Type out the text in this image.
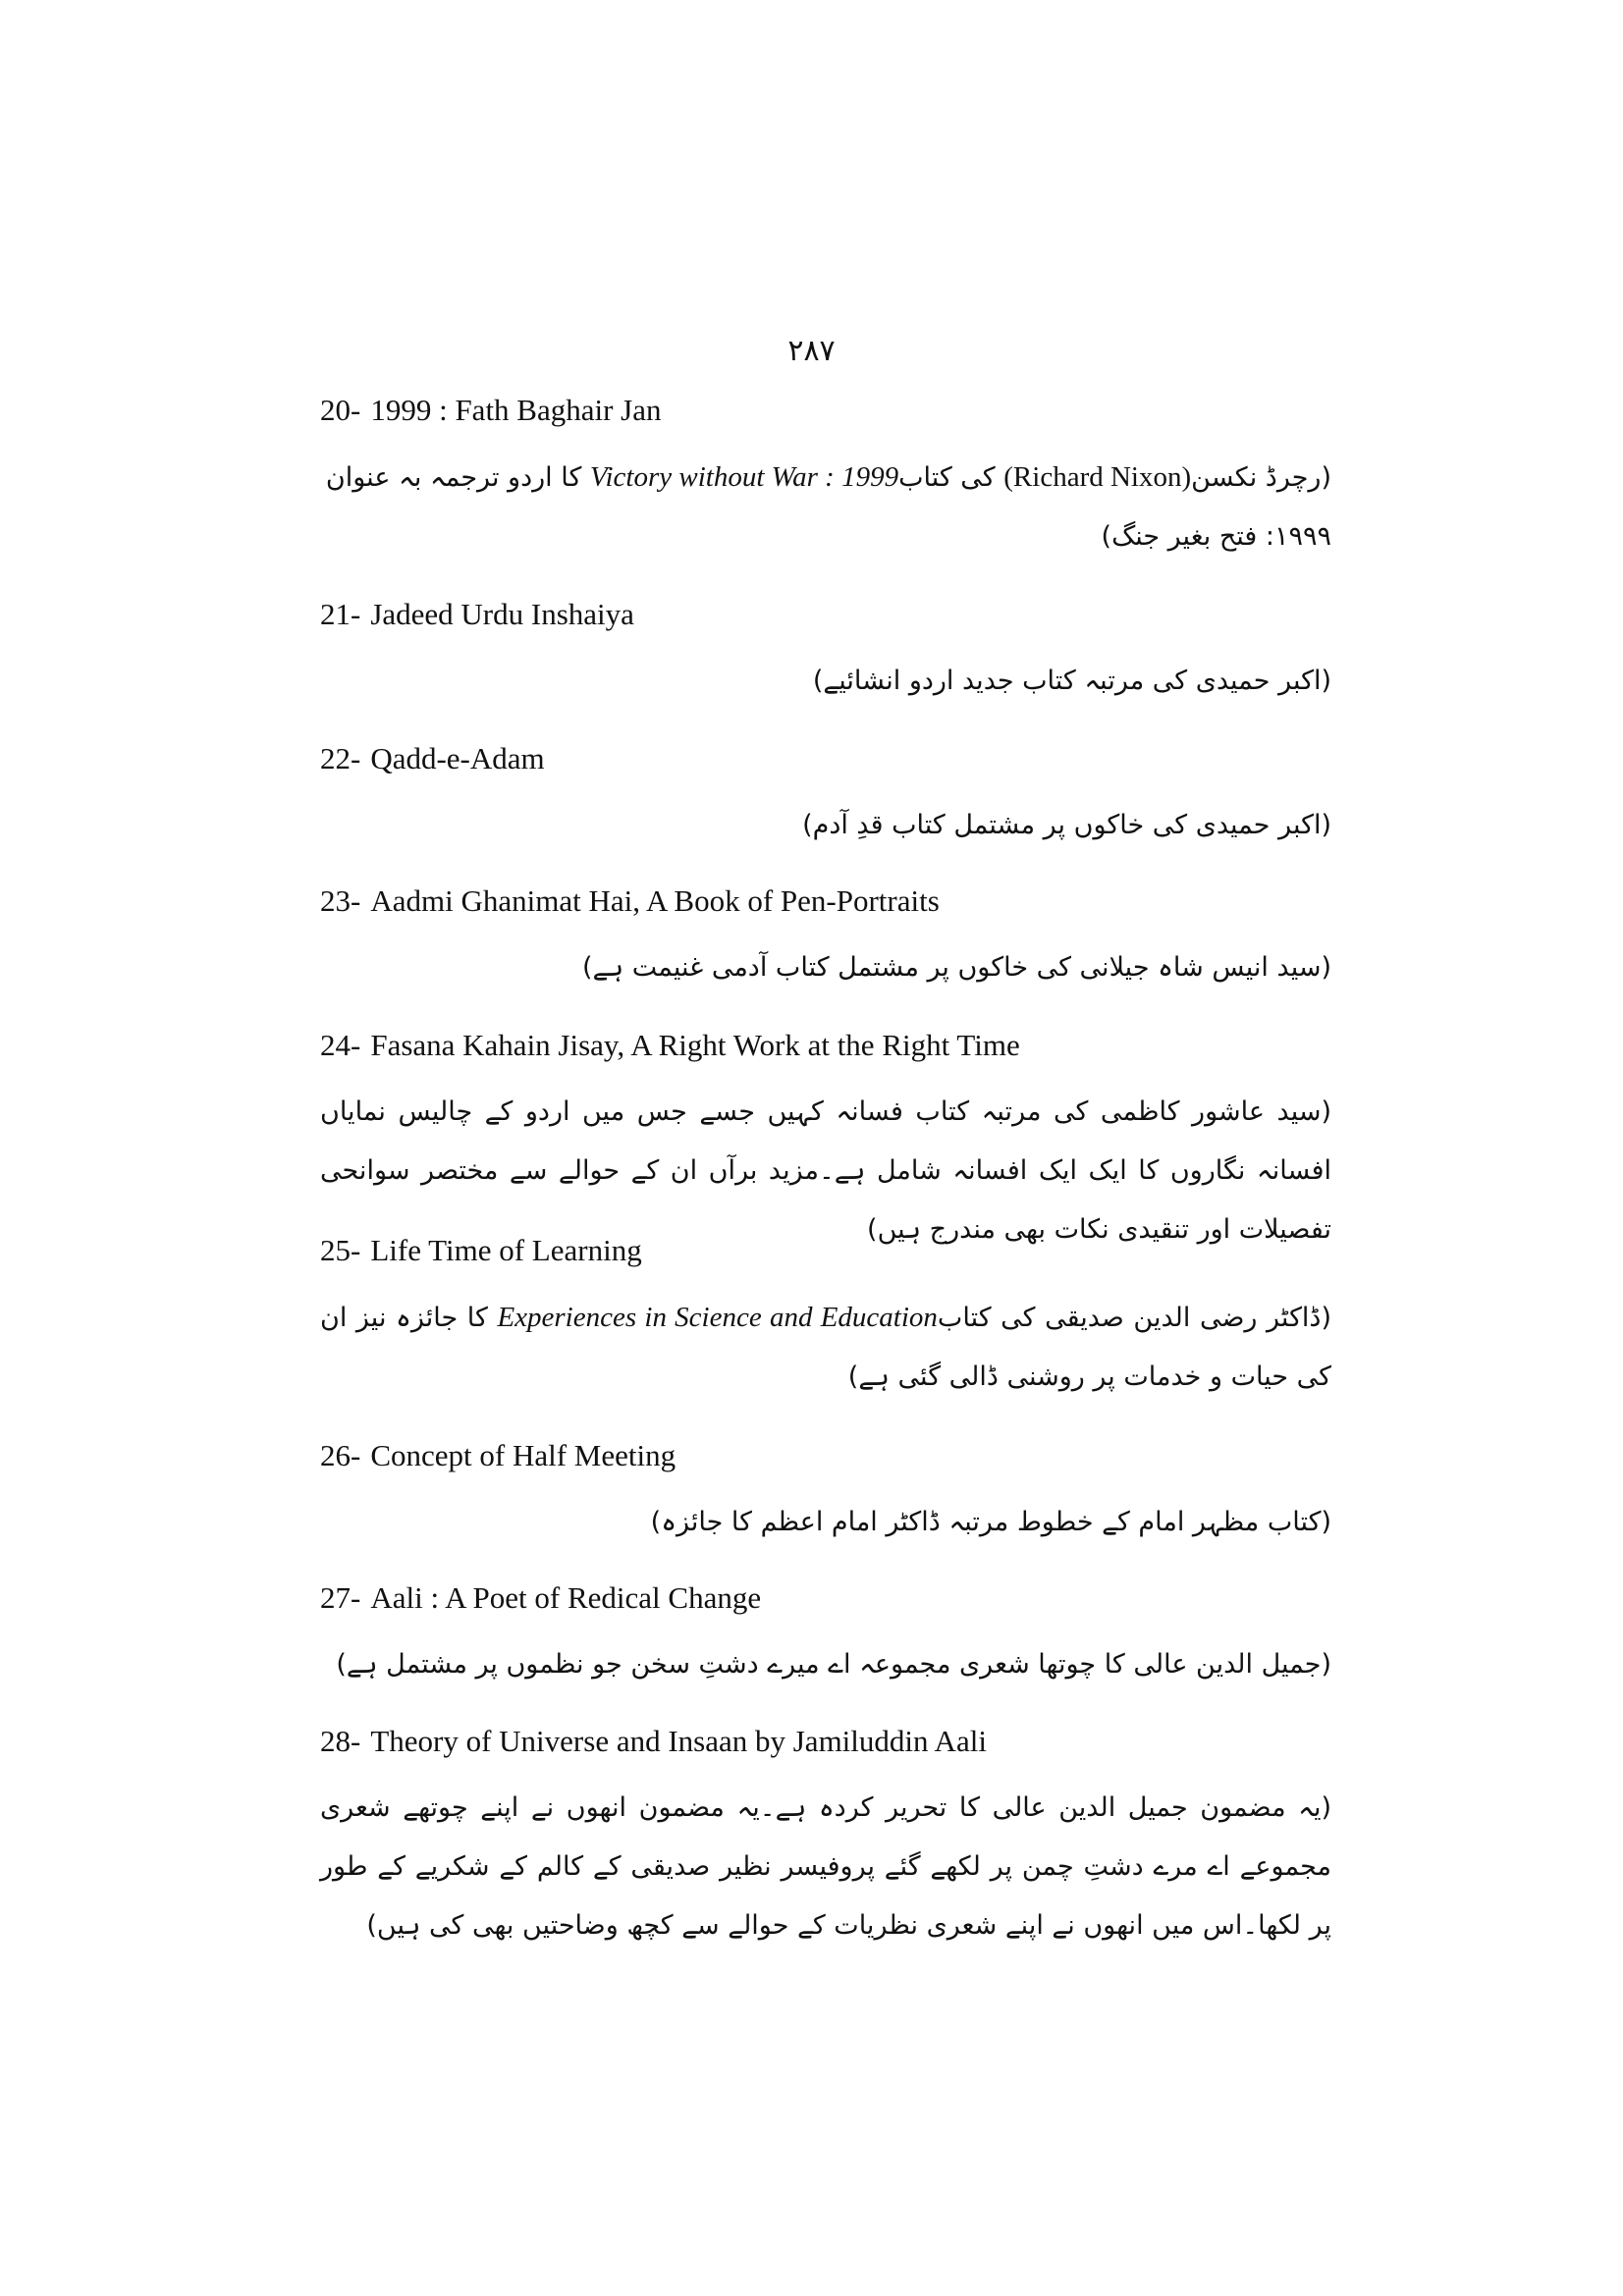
۲۸۷
20- 1999 : Fath Baghair Jan
(رچرڈ نکسن(Richard Nixon) کی کتاب1999 : Victory without War کا اردو ترجمہ بہ عنوان ۱۹۹۹: فتح بغیر جنگ)
21- Jadeed Urdu Inshaiya
(اکبر حمیدی کی مرتبہ کتاب جدید اردو انشائیے)
22- Qadd-e-Adam
(اکبر حمیدی کی خاکوں پر مشتمل کتاب قدِ آدم)
23- Aadmi Ghanimat Hai, A Book of Pen-Portraits
(سید انیس شاہ جیلانی کی خاکوں پر مشتمل کتاب آدمی غنیمت ہے)
24- Fasana Kahain Jisay, A Right Work at the Right Time
(سید عاشور کاظمی کی مرتبہ کتاب فسانہ کہیں جسے جس میں اردو کے چالیس نمایاں افسانہ نگاروں کا ایک ایک افسانہ شامل ہے۔مزید برآں ان کے حوالے سے مختصر سوانحی تفصیلات اور تنقیدی نکات بھی مندرج ہیں)
25- Life Time of Learning
(ڈاکٹر رضی الدین صدیقی کی کتابExperiences in Science and Education کا جائزہ نیز ان کی حیات و خدمات پر روشنی ڈالی گئی ہے)
26- Concept of Half Meeting
(کتاب مظہر امام کے خطوط مرتبہ ڈاکٹر امام اعظم کا جائزہ)
27- Aali : A Poet of Redical Change
(جمیل الدین عالی کا چوتھا شعری مجموعہ اے میرے دشتِ سخن جو نظموں پر مشتمل ہے)
28- Theory of Universe and Insaan by Jamiluddin Aali
(یہ مضمون جمیل الدین عالی کا تحریر کردہ ہے۔یہ مضمون انھوں نے اپنے چوتھے شعری مجموعے اے مرے دشتِ چمن پر لکھے گئے پروفیسر نظیر صدیقی کے کالم کے شکریے کے طور پر لکھا۔اس میں انھوں نے اپنے شعری نظریات کے حوالے سے کچھ وضاحتیں بھی کی ہیں)
